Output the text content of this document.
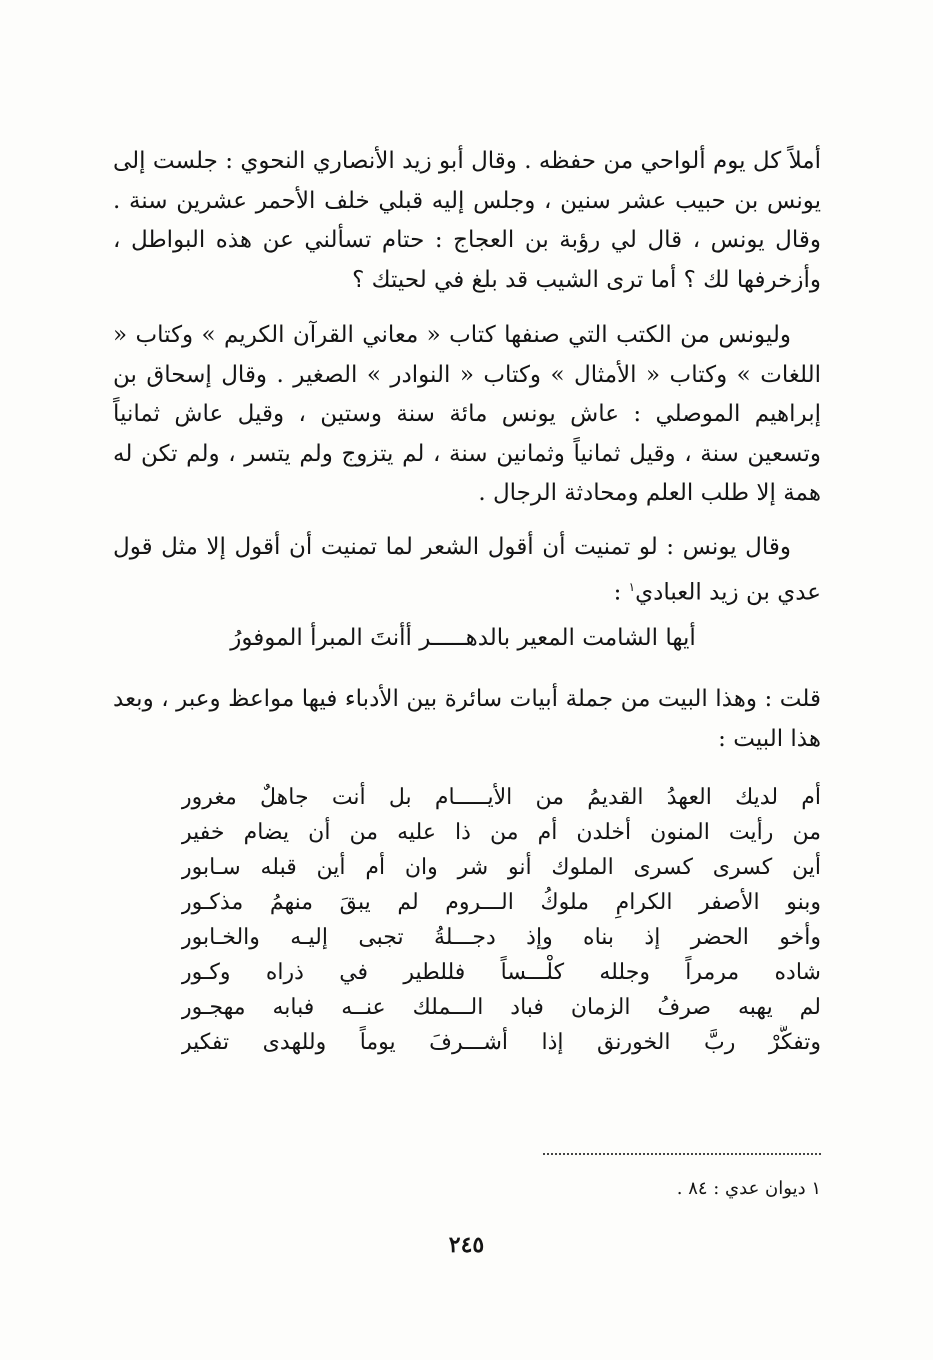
أملاً كل يوم ألواحي من حفظه . وقال أبو زيد الأنصاري النحوي : جلست إلى يونس بن حبيب عشر سنين ، وجلس إليه قبلي خلف الأحمر عشرين سنة . وقال يونس ، قال لي رؤبة بن العجاج : حتام تسألني عن هذه البواطل ، وأزخرفها لك ؟ أما ترى الشيب قد بلغ في لحيتك ؟

وليونس من الكتب التي صنفها كتاب « معاني القرآن الكريم » وكتاب « اللغات » وكتاب « الأمثال » وكتاب « النوادر » الصغير . وقال إسحاق بن إبراهيم الموصلي : عاش يونس مائة سنة وستين ، وقيل عاش ثمانياً وتسعين سنة ، وقيل ثمانياً وثمانين سنة ، لم يتزوج ولم يتسر ، ولم تكن له همة إلا طلب العلم ومحادثة الرجال .

وقال يونس : لو تمنيت أن أقول الشعر لما تمنيت أن أقول إلا مثل قول عدي بن زيد العبادي$^١$ :

أيها الشامت المعير بالدهـــــر أأنتَ المبرأ الموفورُ

قلت : وهذا البيت من جملة أبيات سائرة بين الأدباء فيها مواعظ وعبر ، وبعد هذا البيت :

أم لديك العهدُ القديمُ من الأيـــــام بل أنت جاهلٌ مغرور
من رأيت المنون أخلدن أم من ذا عليه من أن يضام خفير
أين كسرى كسرى الملوك أنو شر وان أم أين قبله سـابور
وبنو الأصفر الكرامِ ملوكُ الـــروم لم يبقَ منهمُ مذكـور
وأخو الحضر إذ بناه وإذ دجـــلةُ تجبى إليـه والخـابور
شاده مرمراً وجلله كلْـــساً فللطير في ذراه وكـور
لم يهبه صرفُ الزمان فباد الـــملك عنــه فبابه مهجـور
وتفكَّرْ ربَّ الخورنق إذا أشـــرفَ يوماً وللهدى تفكير
١ ديوان عدي : ٨٤ .
٢٤٥
